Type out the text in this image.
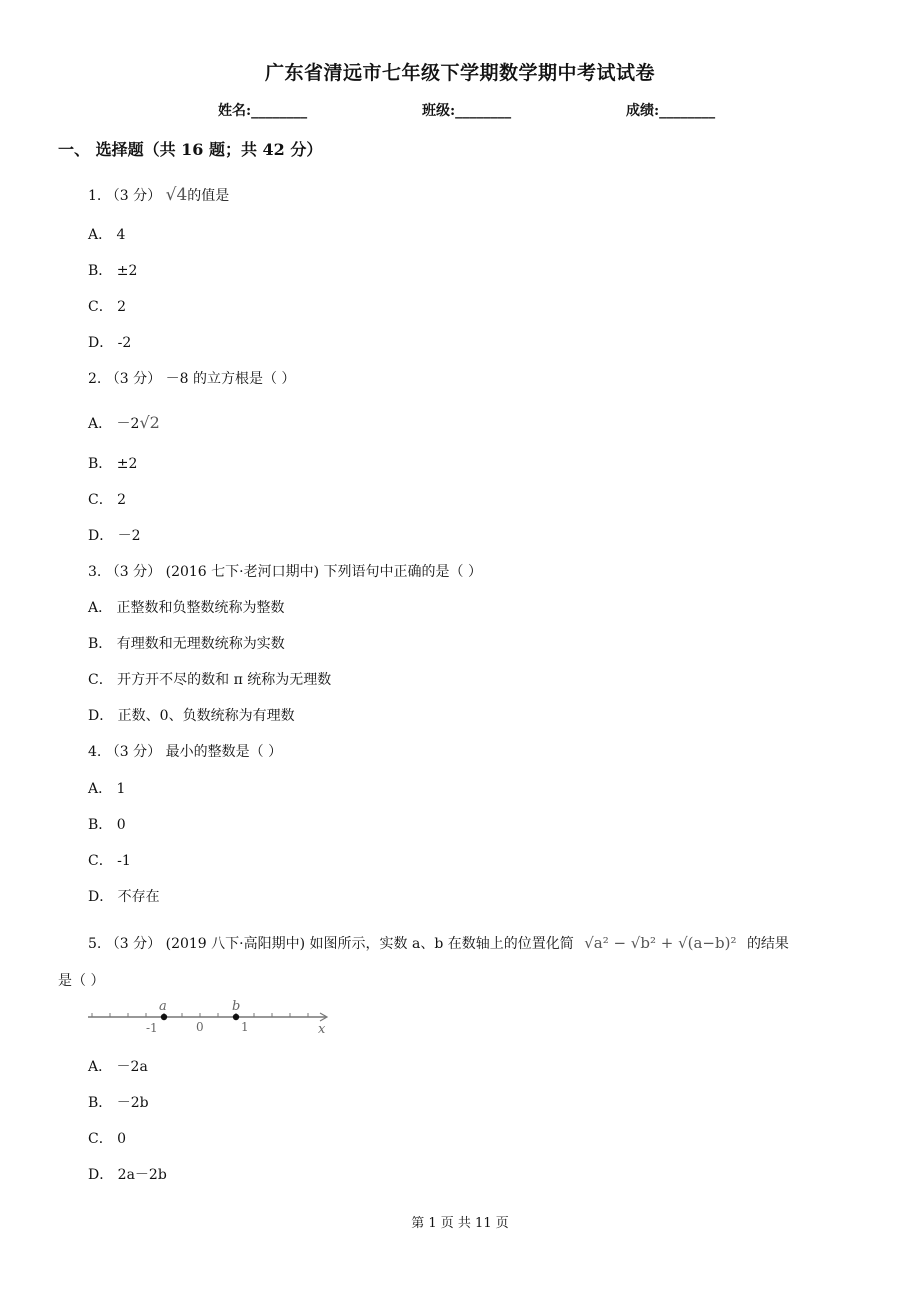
广东省清远市七年级下学期数学期中考试试卷
姓名:________	班级:________	成绩:________
一、 选择题（共 16 题；共 42 分）
1. （3 分） √4的值是
A． 4
B． ±2
C． 2
D． -2
2. （3 分） －8 的立方根是（ ）
A． －2√2
B． ±2
C． 2
D． －2
3. （3 分） (2016 七下·老河口期中) 下列语句中正确的是（ ）
A． 正整数和负整数统称为整数
B． 有理数和无理数统称为实数
C． 开方开不尽的数和 π 统称为无理数
D． 正数、0、负数统称为有理数
4. （3 分） 最小的整数是（ ）
A． 1
B． 0
C． -1
D． 不存在
5. （3 分） (2019 八下·高阳期中) 如图所示，实数 a、b 在数轴上的位置化简 √a² − √b² + √(a−b)² 的结果
是（ ）
a	b
-1	0	1	x
A． －2a
B． －2b
C． 0
D． 2a－2b
第 1 页 共 11 页
